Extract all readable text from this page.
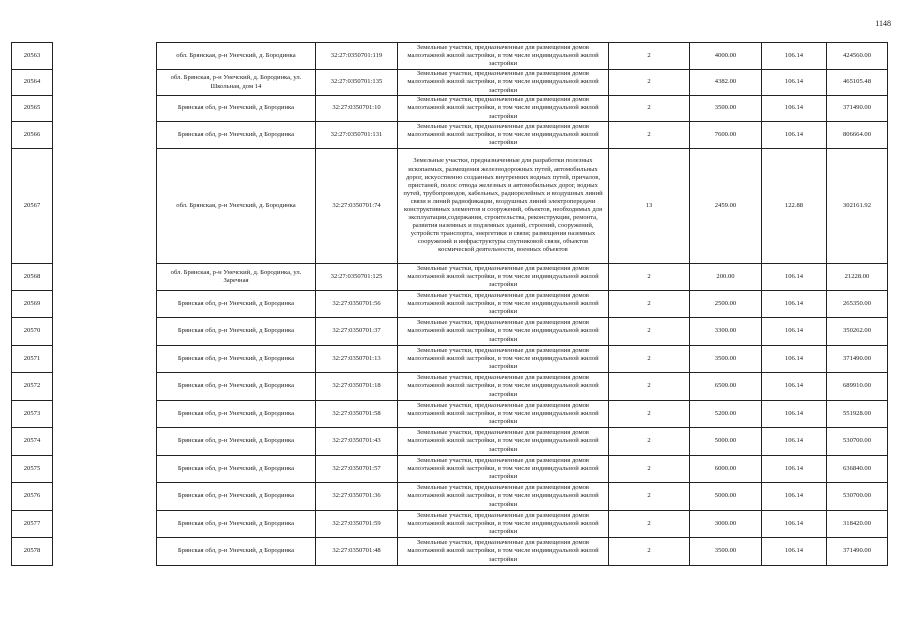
1148
20563		обл. Брянская, р-н Унечский, д. Бородинка	32:27:0350701:119	Земельные участки, предназначенные для размещения домов малоэтажной жилой застройки, в том числе индивидуальной жилой застройки	2	4000.00	106.14	424560.00
20564		обл. Брянская, р-н Унечский, д. Бородинка, ул. Школьная, дом 14	32:27:0350701:135	Земельные участки, предназначенные для размещения домов малоэтажной жилой застройки, в том числе индивидуальной жилой застройки	2	4382.00	106.14	465105.48
20565		Брянская обл, р-н Унечский, д Бородинка	32:27:0350701:10	Земельные участки, предназначенные для размещения домов малоэтажной жилой застройки, в том числе индивидуальной жилой застройки	2	3500.00	106.14	371490.00
20566		Брянская обл, р-н Унечский, д Бородинка	32:27:0350701:131	Земельные участки, предназначенные для размещения домов малоэтажной жилой застройки, в том числе индивидуальной жилой застройки	2	7600.00	106.14	806664.00
20567		обл. Брянская, р-н Унечский, д. Бородинка	32:27:0350701:74	Земельные участки, предназначенные для разработки полезных ископаемых, размещения железнодорожных путей, автомобильных дорог, искусственно созданных внутренних водных путей, причалов, пристаней, полос отвода железных и автомобильных дорог, водных путей, трубопроводов, кабельных, радиорелейных и воздушных линий связи и линий радиофикации, воздушных линий электропередачи конструктивных элементов и сооружений, объектов, необходимых для эксплуатации,содержания, строительства, реконструкции, ремонта, развития наземных и подземных зданий, строений, сооружений, устройств транспорта, энергетики и связи; размещения наземных сооружений и инфраструктуры спутниковой связи, объектов космической деятельности, военных объектов	13	2459.00	122.88	302161.92
20568		обл. Брянская, р-н Унечский, д. Бородинка, ул. Заречная	32:27:0350701:125	Земельные участки, предназначенные для размещения домов малоэтажной жилой застройки, в том числе индивидуальной жилой застройки	2	200.00	106.14	21228.00
20569		Брянская обл, р-н Унечский, д Бородинка	32:27:0350701:56	Земельные участки, предназначенные для размещения домов малоэтажной жилой застройки, в том числе индивидуальной жилой застройки	2	2500.00	106.14	265350.00
20570		Брянская обл, р-н Унечский, д Бородинка	32:27:0350701:37	Земельные участки, предназначенные для размещения домов малоэтажной жилой застройки, в том числе индивидуальной жилой застройки	2	3300.00	106.14	350262.00
20571		Брянская обл, р-н Унечский, д Бородинка	32:27:0350701:13	Земельные участки, предназначенные для размещения домов малоэтажной жилой застройки, в том числе индивидуальной жилой застройки	2	3500.00	106.14	371490.00
20572		Брянская обл, р-н Унечский, д Бородинка	32:27:0350701:18	Земельные участки, предназначенные для размещения домов малоэтажной жилой застройки, в том числе индивидуальной жилой застройки	2	6500.00	106.14	689910.00
20573		Брянская обл, р-н Унечский, д Бородинка	32:27:0350701:58	Земельные участки, предназначенные для размещения домов малоэтажной жилой застройки, в том числе индивидуальной жилой застройки	2	5200.00	106.14	551928.00
20574		Брянская обл, р-н Унечский, д Бородинка	32:27:0350701:43	Земельные участки, предназначенные для размещения домов малоэтажной жилой застройки, в том числе индивидуальной жилой застройки	2	5000.00	106.14	530700.00
20575		Брянская обл, р-н Унечский, д Бородинка	32:27:0350701:57	Земельные участки, предназначенные для размещения домов малоэтажной жилой застройки, в том числе индивидуальной жилой застройки	2	6000.00	106.14	636840.00
20576		Брянская обл, р-н Унечский, д Бородинка	32:27:0350701:36	Земельные участки, предназначенные для размещения домов малоэтажной жилой застройки, в том числе индивидуальной жилой застройки	2	5000.00	106.14	530700.00
20577		Брянская обл, р-н Унечский, д Бородинка	32:27:0350701:59	Земельные участки, предназначенные для размещения домов малоэтажной жилой застройки, в том числе индивидуальной жилой застройки	2	3000.00	106.14	318420.00
20578		Брянская обл, р-н Унечский, д Бородинка	32:27:0350701:48	Земельные участки, предназначенные для размещения домов малоэтажной жилой застройки, в том числе индивидуальной жилой застройки	2	3500.00	106.14	371490.00
